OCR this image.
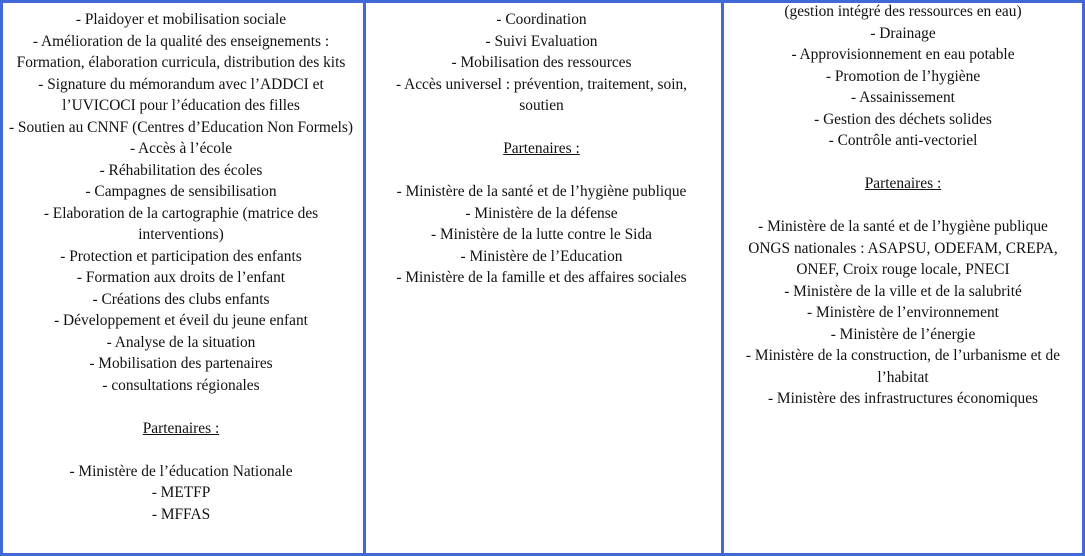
- Plaidoyer et mobilisation sociale

- Amélioration de la qualité des enseignements : Formation, élaboration curricula, distribution des kits

- Signature du mémorandum avec l’ADDCI et l’UVICOCI pour l’éducation des filles

- Soutien au CNNF (Centres d’Education Non Formels)

- Accès à l’école

- Réhabilitation des écoles

- Campagnes de sensibilisation

- Elaboration de la cartographie (matrice des interventions)

- Protection et participation des enfants

- Formation aux droits de l’enfant

- Créations des clubs enfants

- Développement et éveil du jeune enfant

- Analyse de la situation

- Mobilisation des partenaires

- consultations régionales

Partenaires :

- Ministère de l’éducation Nationale

- METFP

- MFFAS

- Coordination

- Suivi Evaluation

- Mobilisation des ressources

- Accès universel : prévention, traitement, soin, soutien

Partenaires :

- Ministère de la santé et de l’hygiène publique

- Ministère de la défense

- Ministère de la lutte contre le Sida

- Ministère de l’Education

- Ministère de la famille et des affaires sociales

(gestion intégré des ressources en eau)

- Drainage

- Approvisionnement en eau potable

- Promotion de l’hygiène

- Assainissement

- Gestion des déchets solides

- Contrôle anti-vectoriel

Partenaires :

- Ministère de la santé et de l’hygiène publique

ONGS nationales : ASAPSU, ODEFAM, CREPA, ONEF, Croix rouge locale, PNECI

- Ministère de la ville et de la salubrité

- Ministère de l’environnement

- Ministère de l’énergie

- Ministère de la construction, de l’urbanisme et de l’habitat

- Ministère des infrastructures économiques
